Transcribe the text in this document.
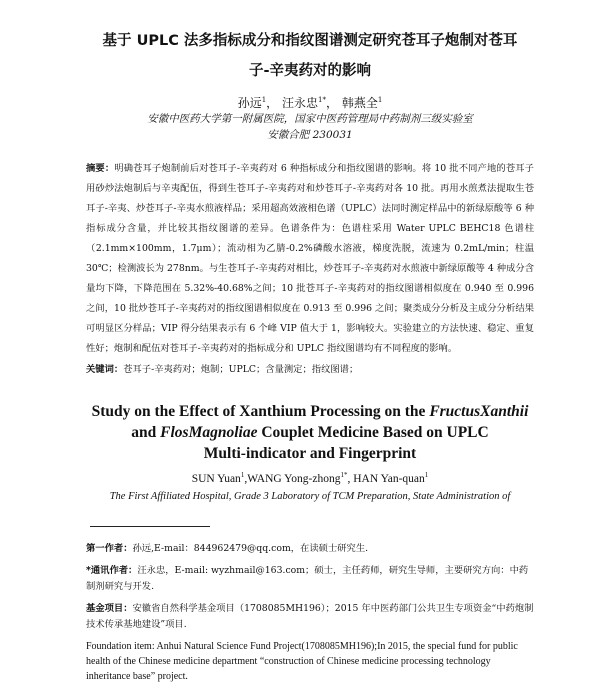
基于 UPLC 法多指标成分和指纹图谱测定研究苍耳子炮制对苍耳
子-辛夷药对的影响
孙远$^1$， 汪永忠$^{1*}$， 韩燕全$^1$
安徽中医药大学第一附属医院，国家中医药管理局中药制剂三级实验室
安徽合肥 230031
摘要：明确苍耳子炮制前后对苍耳子-辛夷药对 6 种指标成分和指纹图谱的影响。将 10 批不同产地的苍耳子用砂炒法炮制后与辛夷配伍，得到生苍耳子-辛夷药对和炒苍耳子-辛夷药对各 10 批。再用水煎煮法提取生苍耳子-辛夷、炒苍耳子-辛夷水煎液样品；采用超高效液相色谱（UPLC）法同时测定样品中的新绿原酸等 6 种指标成分含量，并比较其指纹图谱的差异。色谱条件为：色谱柱采用 Water UPLC BEHC18 色谱柱（2.1mm×100mm，1.7μm）；流动相为乙腈-0.2%磷酸水溶液，梯度洗脱，流速为 0.2mL/min；柱温 30℃；检测波长为 278nm。与生苍耳子-辛夷药对相比，炒苍耳子-辛夷药对水煎液中新绿原酸等 4 种成分含量均下降，下降范围在 5.32%-40.68%之间；10 批苍耳子-辛夷药对的指纹图谱相似度在 0.940 至 0.996 之间，10 批炒苍耳子-辛夷药对的指纹图谱相似度在 0.913 至 0.996 之间；聚类成分分析及主成分分析结果可明显区分样品；VIP 得分结果表示有 6 个峰 VIP 值大于 1，影响较大。实验建立的方法快速、稳定、重复性好；炮制和配伍对苍耳子-辛夷药对的指标成分和 UPLC 指纹图谱均有不同程度的影响。
关键词：苍耳子-辛夷药对；炮制；UPLC；含量测定；指纹图谱；
Study on the Effect of Xanthium Processing on the FructusXanthii
and FlosMagnoliae Couplet Medicine Based on UPLC
Multi-indicator and Fingerprint
SUN Yuan$^1$,WANG Yong-zhong$^{1*}$, HAN Yan-quan$^1$
The First Affiliated Hospital, Grade 3 Laboratory of TCM Preparation, State Administration of
第一作者：孙远,E-mail：844962479@qq.com，在读硕士研究生.
*通讯作者：汪永忠，E-mail: wyzhmail@163.com；硕士，主任药师，研究生导师，主要研究方向：中药制剂研究与开发.
基金项目：安徽省自然科学基金项目（1708085MH196）；2015 年中医药部门公共卫生专项资金“中药炮制技术传承基地建设”项目.
Foundation item: Anhui Natural Science Fund Project(1708085MH196);In 2015, the special fund for public health of the Chinese medicine department “construction of Chinese medicine processing technology inheritance base” project.
